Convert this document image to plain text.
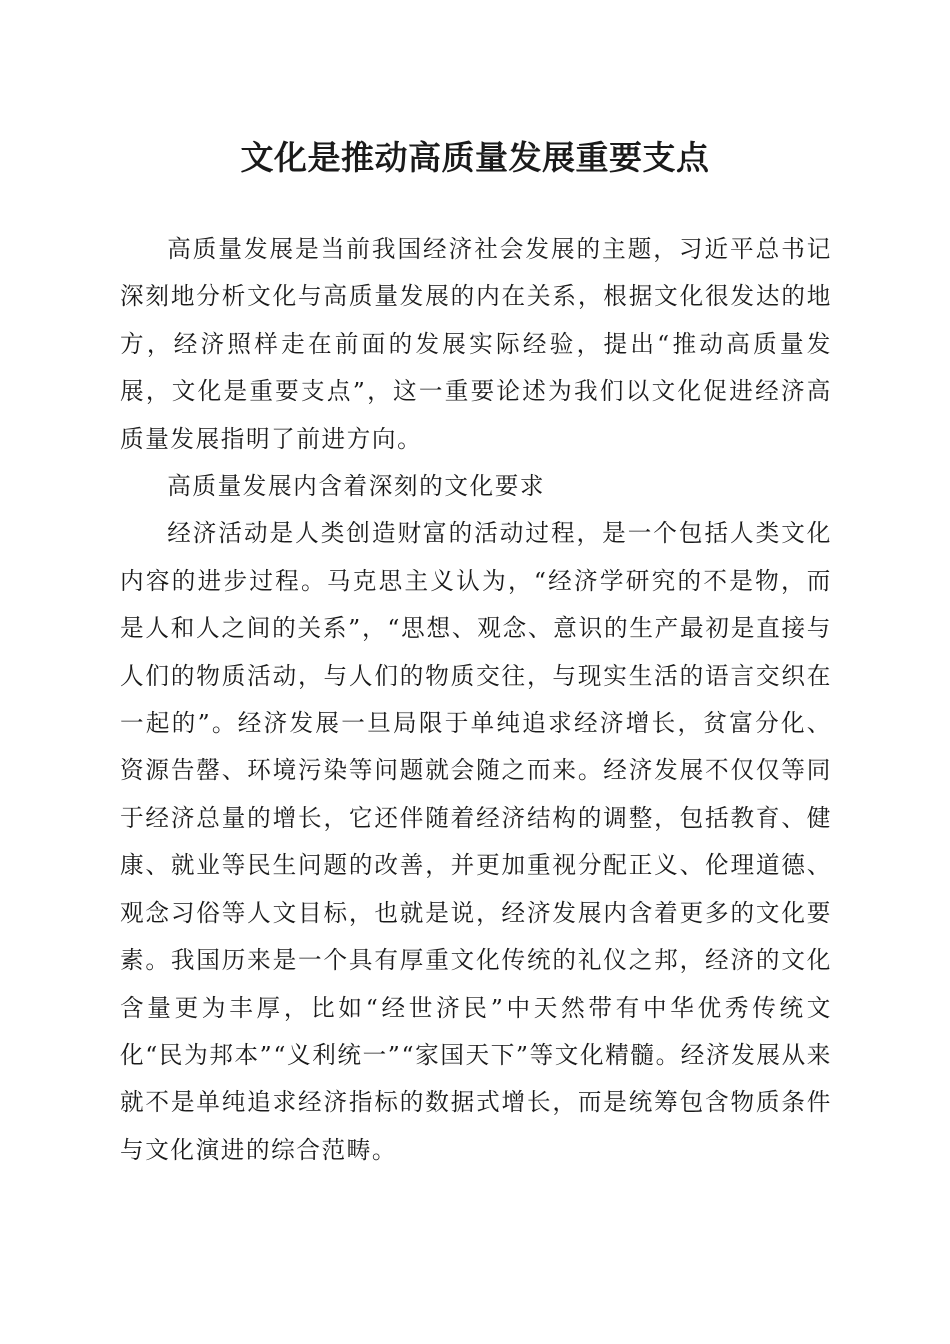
文化是推动高质量发展重要支点

高质量发展是当前我国经济社会发展的主题，习近平总书记深刻地分析文化与高质量发展的内在关系，根据文化很发达的地方，经济照样走在前面的发展实际经验，提出“推动高质量发展，文化是重要支点”，这一重要论述为我们以文化促进经济高质量发展指明了前进方向。

高质量发展内含着深刻的文化要求

经济活动是人类创造财富的活动过程，是一个包括人类文化内容的进步过程。马克思主义认为，“经济学研究的不是物，而是人和人之间的关系”，“思想、观念、意识的生产最初是直接与人们的物质活动，与人们的物质交往，与现实生活的语言交织在一起的”。经济发展一旦局限于单纯追求经济增长，贫富分化、资源告罄、环境污染等问题就会随之而来。经济发展不仅仅等同于经济总量的增长，它还伴随着经济结构的调整，包括教育、健康、就业等民生问题的改善，并更加重视分配正义、伦理道德、观念习俗等人文目标，也就是说，经济发展内含着更多的文化要素。我国历来是一个具有厚重文化传统的礼仪之邦，经济的文化含量更为丰厚，比如“经世济民”中天然带有中华优秀传统文化“民为邦本”“义利统一”“家国天下”等文化精髓。经济发展从来就不是单纯追求经济指标的数据式增长，而是统筹包含物质条件与文化演进的综合范畴。
